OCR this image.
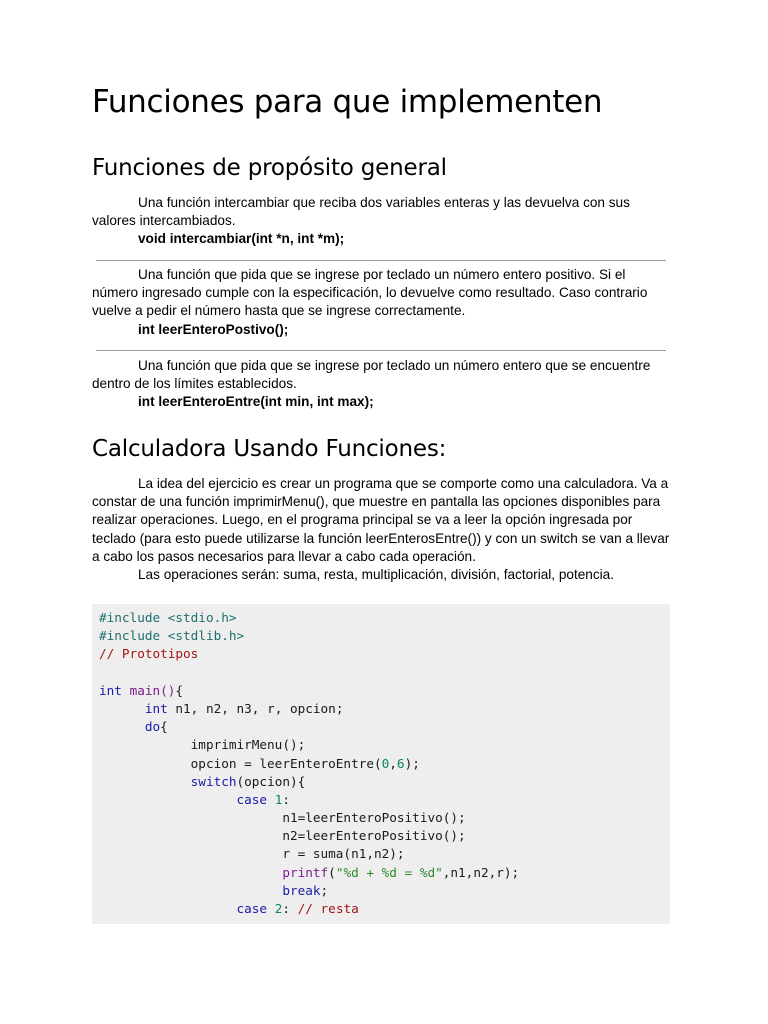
Funciones para que implementen
Funciones de propósito general

Una función intercambiar que reciba dos variables enteras y las devuelva con sus valores intercambiados.

void intercambiar(int *n, int *m);

Una función que pida que se ingrese por teclado un número entero positivo. Si el número ingresado cumple con la especificación, lo devuelve como resultado. Caso contrario vuelve a pedir el número hasta que se ingrese correctamente.

int leerEnteroPostivo();

Una función que pida que se ingrese por teclado un número entero que se encuentre dentro de los límites establecidos.

int leerEnteroEntre(int min, int max);

Calculadora Usando Funciones:

La idea del ejercicio es crear un programa que se comporte como una calculadora. Va a constar de una función imprimirMenu(), que muestre en pantalla las opciones disponibles para realizar operaciones. Luego, en el programa principal se va a leer la opción ingresada por teclado (para esto puede utilizarse la función leerEnterosEntre()) y con un switch se van a llevar a cabo los pasos necesarios para llevar a cabo cada operación.

Las operaciones serán: suma, resta, multiplicación, división, factorial, potencia.

#include <stdio.h>
#include <stdlib.h>
// Prototipos
int main(){
int n1, n2, n3, r, opcion;
do{
imprimirMenu();
opcion = leerEnteroEntre(0,6);
switch(opcion){
case 1:
n1=leerEnteroPositivo();
n2=leerEnteroPositivo();
r = suma(n1,n2);
printf("%d + %d = %d",n1,n2,r);
break;
case 2: // resta
